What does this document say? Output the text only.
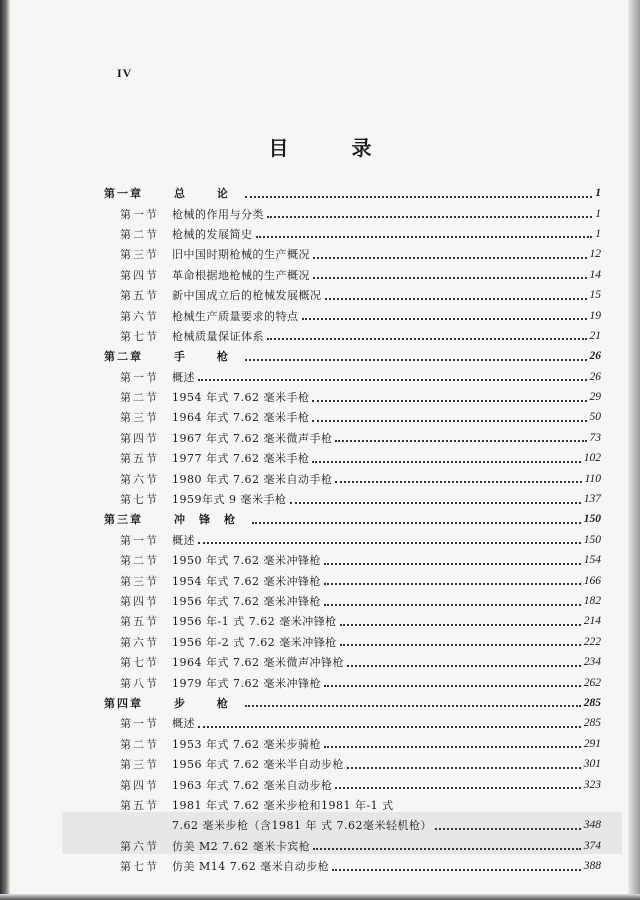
IV
目 录
第一章	总 论	1
第一节	枪械的作用与分类	1
第二节	枪械的发展简史	1
第三节	旧中国时期枪械的生产概况	12
第四节	革命根据地枪械的生产概况	14
第五节	新中国成立后的枪械发展概况	15
第六节	枪械生产质量要求的特点	19
第七节	枪械质量保证体系	21
第二章	手 枪	26
第一节	概述	26
第二节	1954 年式 7.62 毫米手枪	29
第三节	1964 年式 7.62 毫米手枪	50
第四节	1967 年式 7.62 毫米微声手枪	73
第五节	1977 年式 7.62 毫米手枪	102
第六节	1980 年式 7.62 毫米自动手枪	110
第七节	1959年式 9 毫米手枪	137
第三章	冲锋枪	150
第一节	概述	150
第二节	1950 年式 7.62 毫米冲锋枪	154
第三节	1954 年式 7.62 毫米冲锋枪	166
第四节	1956 年式 7.62 毫米冲锋枪	182
第五节	1956 年-1 式 7.62 毫米冲锋枪	214
第六节	1956 年-2 式 7.62 毫米冲锋枪	222
第七节	1964 年式 7.62 毫米微声冲锋枪	234
第八节	1979 年式 7.62 毫米冲锋枪	262
第四章	步 枪	285
第一节	概述	285
第二节	1953 年式 7.62 毫米步骑枪	291
第三节	1956 年式 7.62 毫米半自动步枪	301
第四节	1963 年式 7.62 毫米自动步枪	323
第五节	1981 年式 7.62 毫米步枪和1981 年-1 式
7.62 毫米步枪（含1981 年 式 7.62毫米轻机枪）	348
第六节	仿美 M2 7.62 毫米卡宾枪	374
第七节	仿美 M14 7.62 毫米自动步枪	388
